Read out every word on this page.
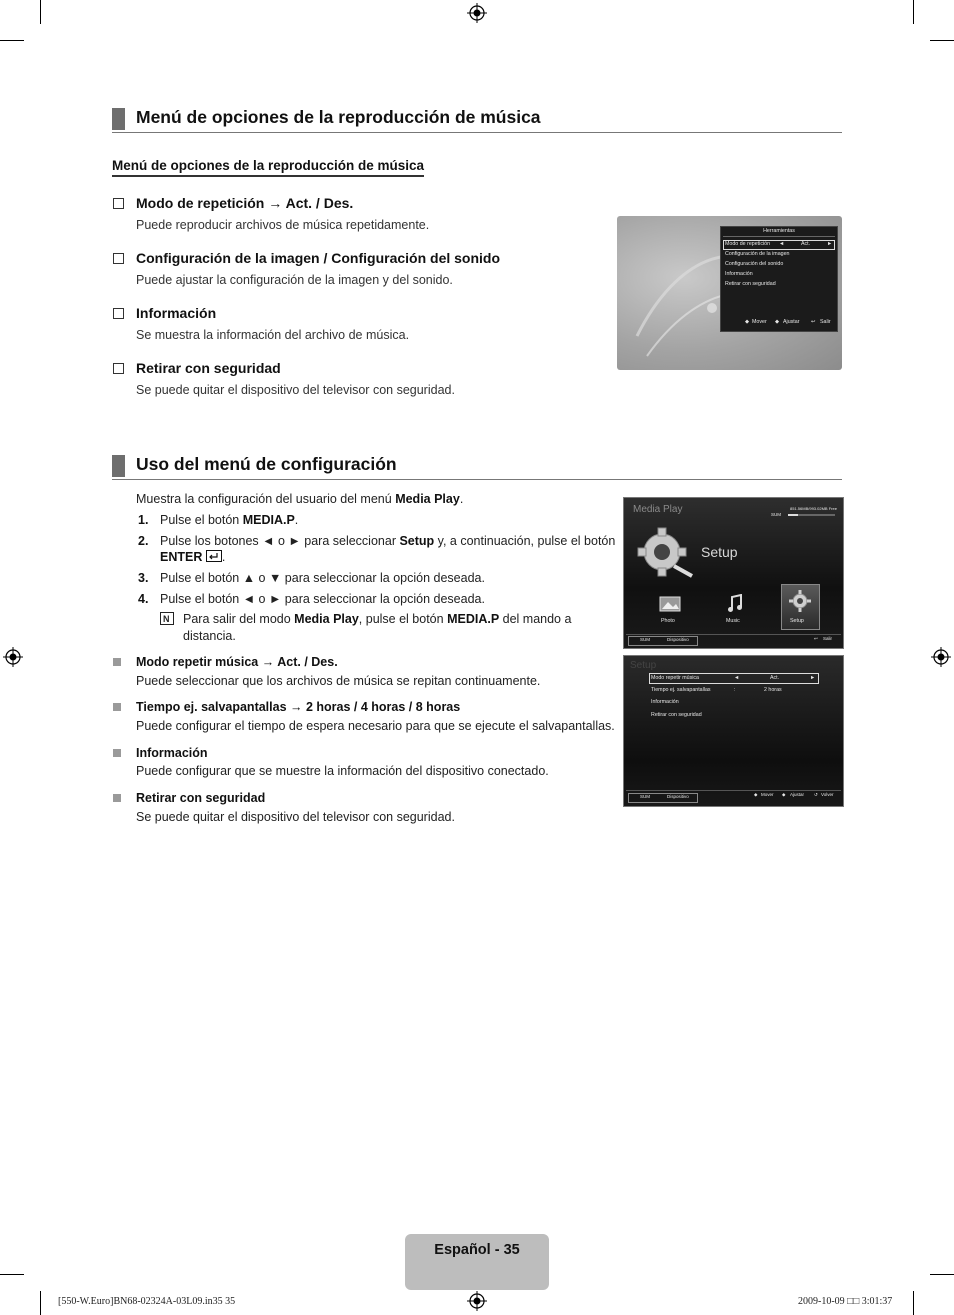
Menú de opciones de la reproducción de música
Menú de opciones de la reproducción de música
Modo de repetición → Act. / Des.
Puede reproducir archivos de música repetidamente.
Configuración de la imagen / Configuración del sonido
Puede ajustar la configuración de la imagen y del sonido.
Información
Se muestra la información del archivo de música.
Retirar con seguridad
Se puede quitar el dispositivo del televisor con seguridad.
Herramientas
Modo de repetición ◄	Act.	►
Configuración de la imagen
Configuración del sonido
Información
Retirar con seguridad
◆ Mover ◆ Ajustar ↩ Salir
Uso del menú de configuración
Muestra la configuración del usuario del menú Media Play.
1. Pulse el botón MEDIA.P.
2. Pulse los botones ◄ o ► para seleccionar Setup y, a continuación, pulse el botón
ENTER .
3. Pulse el botón ▲ o ▼ para seleccionar la opción deseada.
4. Pulse el botón ◄ o ► para seleccionar la opción deseada.
N Para salir del modo Media Play, pulse el botón MEDIA.P del mando a
distancia.
Modo repetir música → Act. / Des.
Puede seleccionar que los archivos de música se repitan continuamente.
Tiempo ej. salvapantallas → 2 horas / 4 horas / 8 horas
Puede configurar el tiempo de espera necesario para que se ejecute el salvapantallas.
Información
Puede configurar que se muestre la información del dispositivo conectado.
Retirar con seguridad
Se puede quitar el dispositivo del televisor con seguridad.
Media Play	851.56MB/993.02MB Free
SUM
Setup
Photo	Music	Setup
SUM	Dispositivo	↩ Salir
Setup
Modo repetir música	◄	Act.	►
Tiempo ej. salvapantallas	:	2 horas
Información
Retirar con seguridad
SUM	Dispositivo	◆ Mover ◆ Ajustar ↺ Volver
Español - 35
[550-W.Euro]BN68-02324A-03L09.in35 35	2009-10-09 □□ 3:01:37
